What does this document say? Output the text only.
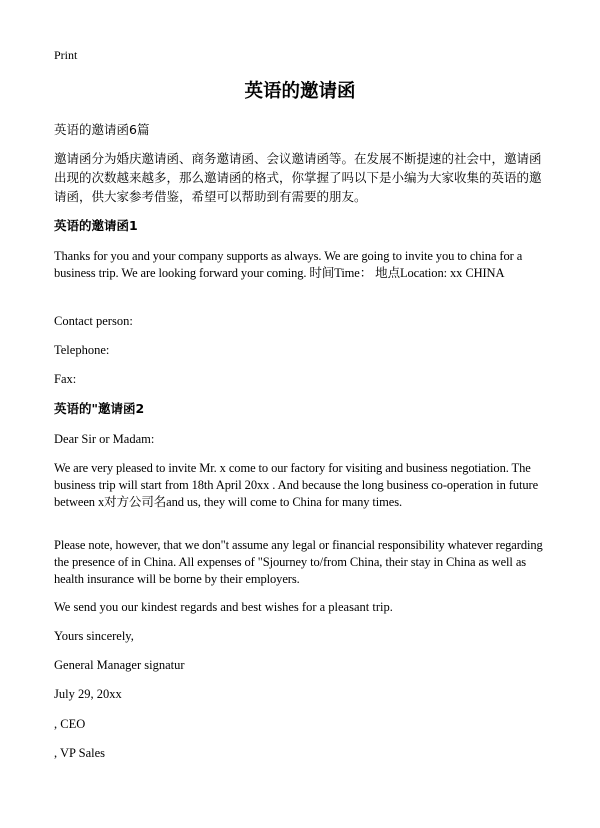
Print

英语的邀请函

英语的邀请函6篇

邀请函分为婚庆邀请函、商务邀请函、会议邀请函等。在发展不断提速的社会中，邀请函出现的次数越来越多，那么邀请函的格式，你掌握了吗以下是小编为大家收集的英语的邀请函，供大家参考借鉴，希望可以帮助到有需要的朋友。

英语的邀请函1

Thanks for you and your company supports as always. We are going to invite you to china for a business trip. We are looking forward your coming. 时间Time： 地点Location: xx CHINA

Contact person:

Telephone:

Fax:

英语的"邀请函2

Dear Sir or Madam:

We are very pleased to invite Mr. x come to our factory for visiting and business negotiation. The business trip will start from 18th April 20xx . And because the long business co-operation in future between x对方公司名and us, they will come to China for many times.

Please note, however, that we don"t assume any legal or financial responsibility whatever regarding the presence of in China. All expenses of "Sjourney to/from China, their stay in China as well as health insurance will be borne by their employers.

We send you our kindest regards and best wishes for a pleasant trip.

Yours sincerely,

General Manager signatur

July 29, 20xx

, CEO

, VP Sales
